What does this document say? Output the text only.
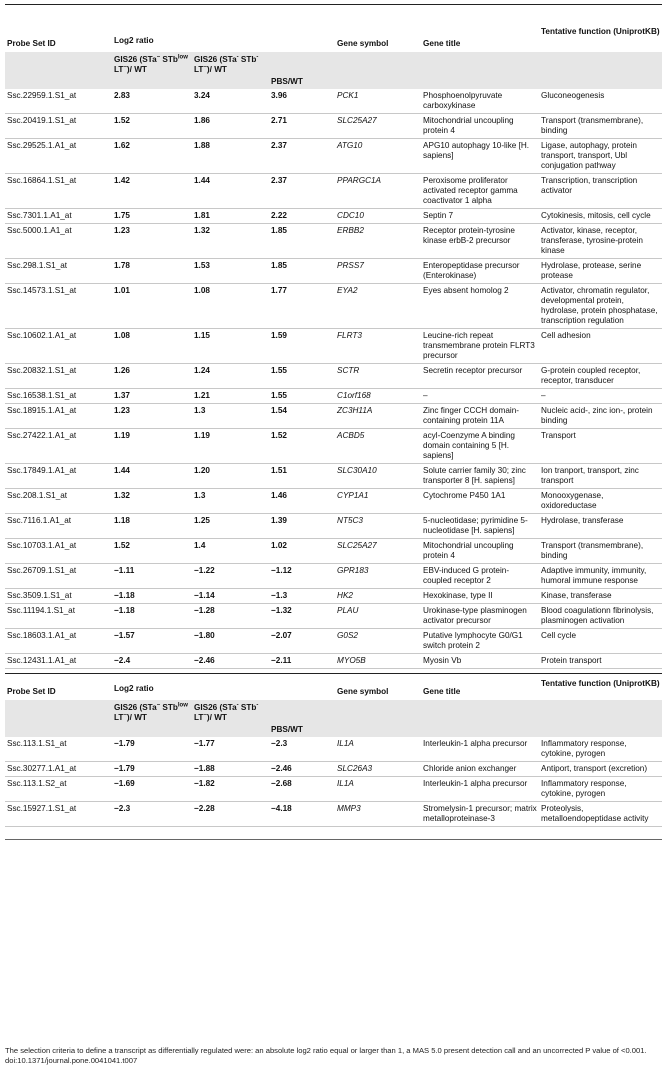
Probe Set ID	Log2 ratio			Gene symbol	Gene title	Tentative function (UniprotKB)
	GIS26 (STa− STb$^{low}$ LT−)/ WT	GIS26 (STa- STb- LT−)/ WT	PBS/WT			
Ssc.22959.1.S1_at	2.83	3.24	3.96	PCK1	Phosphoenolpyruvate carboxykinase	Gluconeogenesis
Ssc.20419.1.S1_at	1.52	1.86	2.71	SLC25A27	Mitochondrial uncoupling protein 4	Transport (transmembrane), binding
Ssc.29525.1.A1_at	1.62	1.88	2.37	ATG10	APG10 autophagy 10-like [H. sapiens]	Ligase, autophagy, protein transport, transport, Ubl conjugation pathway
Ssc.16864.1.S1_at	1.42	1.44	2.37	PPARGC1A	Peroxisome proliferator activated receptor gamma coactivator 1 alpha	Transcription, transcription activator
Ssc.7301.1.A1_at	1.75	1.81	2.22	CDC10	Septin 7	Cytokinesis, mitosis, cell cycle
Ssc.5000.1.A1_at	1.23	1.32	1.85	ERBB2	Receptor protein-tyrosine kinase erbB-2 precursor	Activator, kinase, receptor, transferase, tyrosine-protein kinase
Ssc.298.1.S1_at	1.78	1.53	1.85	PRSS7	Enteropeptidase precursor (Enterokinase)	Hydrolase, protease, serine protease
Ssc.14573.1.S1_at	1.01	1.08	1.77	EYA2	Eyes absent homolog 2	Activator, chromatin regulator, developmental protein, hydrolase, protein phosphatase, transcription regulation
Ssc.10602.1.A1_at	1.08	1.15	1.59	FLRT3	Leucine-rich repeat transmembrane protein FLRT3 precursor	Cell adhesion
Ssc.20832.1.S1_at	1.26	1.24	1.55	SCTR	Secretin receptor precursor	G-protein coupled receptor, receptor, transducer
Ssc.16538.1.S1_at	1.37	1.21	1.55	C1orf168	–	–
Ssc.18915.1.A1_at	1.23	1.3	1.54	ZC3H11A	Zinc finger CCCH domain-containing protein 11A	Nucleic acid-, zinc ion-, protein binding
Ssc.27422.1.A1_at	1.19	1.19	1.52	ACBD5	acyl-Coenzyme A binding domain containing 5 [H. sapiens]	Transport
Ssc.17849.1.A1_at	1.44	1.20	1.51	SLC30A10	Solute carrier family 30; zinc transporter 8 [H. sapiens]	Ion tranport, transport, zinc transport
Ssc.208.1.S1_at	1.32	1.3	1.46	CYP1A1	Cytochrome P450 1A1	Monooxygenase, oxidoreductase
Ssc.7116.1.A1_at	1.18	1.25	1.39	NT5C3	5-nucleotidase; pyrimidine 5-nucleotidase [H. sapiens]	Hydrolase, transferase
Ssc.10703.1.A1_at	1.52	1.4	1.02	SLC25A27	Mitochondrial uncoupling protein 4	Transport (transmembrane), binding
Ssc.26709.1.S1_at	−1.11	−1.22	−1.12	GPR183	EBV-induced G protein-coupled receptor 2	Adaptive immunity, immunity, humoral immune response
Ssc.3509.1.S1_at	−1.18	−1.14	−1.3	HK2	Hexokinase, type II	Kinase, transferase
Ssc.11194.1.S1_at	−1.18	−1.28	−1.32	PLAU	Urokinase-type plasminogen activator precursor	Blood coagulationn fibrinolysis, plasminogen activation
Ssc.18603.1.A1_at	−1.57	−1.80	−2.07	G0S2	Putative lymphocyte G0/G1 switch protein 2	Cell cycle
Ssc.12431.1.A1_at	−2.4	−2.46	−2.11	MYO5B	Myosin Vb	Protein transport
Probe Set ID	Log2 ratio			Gene symbol	Gene title	Tentative function (UniprotKB)
	GIS26 (STa− STb$^{low}$ LT−)/ WT	GIS26 (STa- STb- LT−)/ WT	PBS/WT			
Ssc.113.1.S1_at	−1.79	−1.77	−2.3	IL1A	Interleukin-1 alpha precursor	Inflammatory response, cytokine, pyrogen
Ssc.30277.1.A1_at	−1.79	−1.88	−2.46	SLC26A3	Chloride anion exchanger	Antiport, transport (excretion)
Ssc.113.1.S2_at	−1.69	−1.82	−2.68	IL1A	Interleukin-1 alpha precursor	Inflammatory response, cytokine, pyrogen
Ssc.15927.1.S1_at	−2.3	−2.28	−4.18	MMP3	Stromelysin-1 precursor; matrix metalloproteinase-3	Proteolysis, metalloendopeptidase activity
The selection criteria to define a transcript as differentially regulated were: an absolute log2 ratio equal or larger than 1, a MAS 5.0 present detection call and an uncorrected P value of <0.001.
doi:10.1371/journal.pone.0041041.t007
